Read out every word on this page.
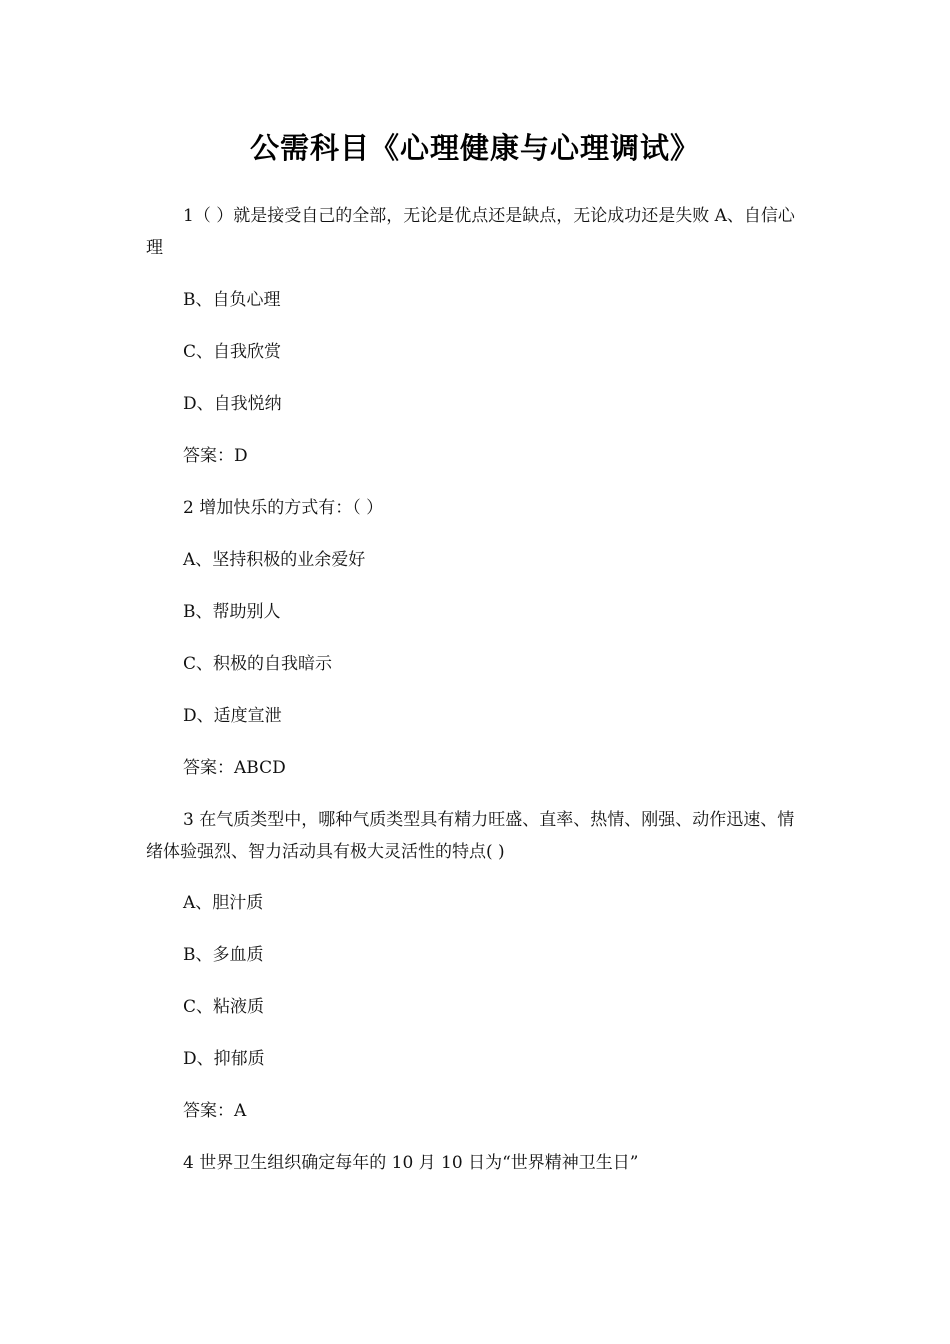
公需科目《心理健康与心理调试》
1（ ）就是接受自己的全部，无论是优点还是缺点，无论成功还是失败 A、自信心理
B、自负心理
C、自我欣赏
D、自我悦纳
答案：D
2 增加快乐的方式有：（ ）
A、坚持积极的业余爱好
B、帮助别人
C、积极的自我暗示
D、适度宣泄
答案：ABCD
3 在气质类型中，哪种气质类型具有精力旺盛、直率、热情、刚强、动作迅速、情绪体验强烈、智力活动具有极大灵活性的特点( )
A、胆汁质
B、多血质
C、粘液质
D、抑郁质
答案：A
4 世界卫生组织确定每年的 10 月 10 日为“世界精神卫生日”
